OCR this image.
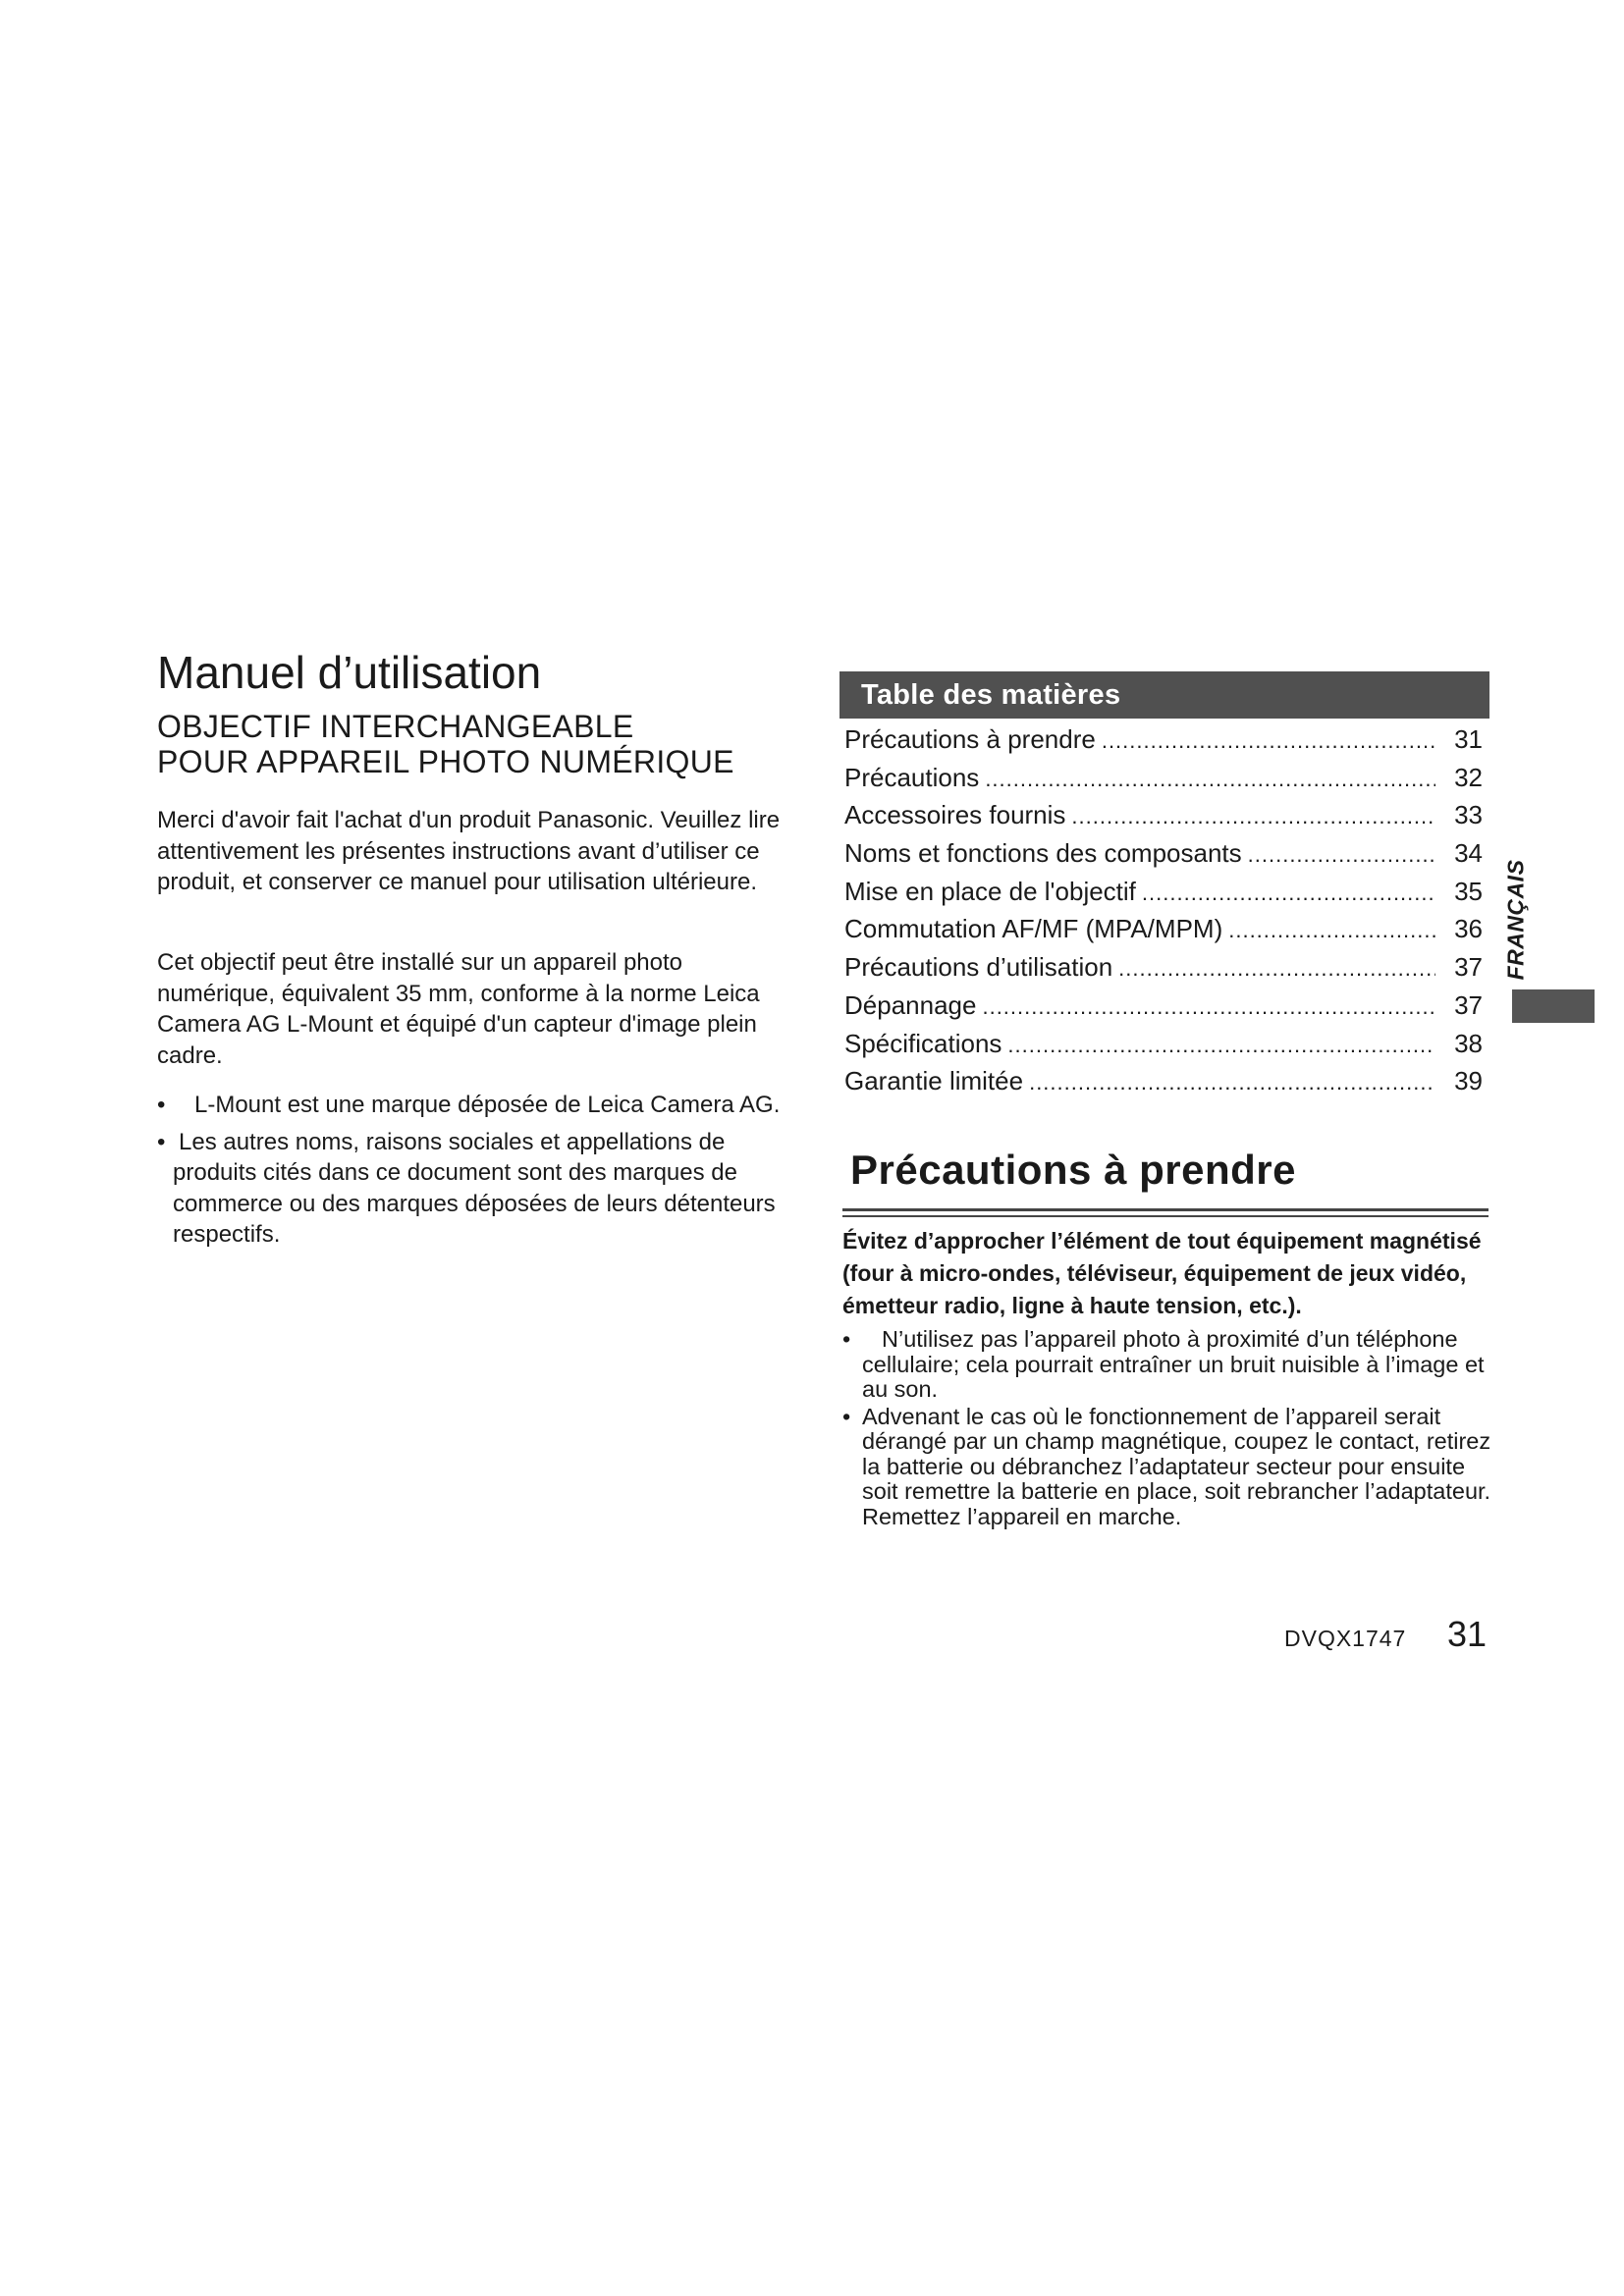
Manuel d’utilisation
OBJECTIF INTERCHANGEABLE
POUR APPAREIL PHOTO NUMÉRIQUE

Merci d'avoir fait l'achat d'un produit Panasonic. Veuillez lire attentivement les présentes instructions avant d’utiliser ce produit, et conserver ce manuel pour utilisation ultérieure.

Cet objectif peut être installé sur un appareil photo numérique, équivalent 35 mm, conforme à la norme Leica Camera AG L-Mount et équipé d'un capteur d'image plein cadre.

•	L-Mount est une marque déposée de Leica Camera AG.
• Les autres noms, raisons sociales et appellations de produits cités dans ce document sont des marques de commerce ou des marques déposées de leurs détenteurs respectifs.
Table des matières
Précautions à prendre .....	31
Précautions .....	32
Accessoires fournis .....	33
Noms et fonctions des composants .....	34
Mise en place de l'objectif .....	35
Commutation AF/MF (MPA/MPM) .....	36
Précautions d’utilisation .....	37
Dépannage .....	37
Spécifications .....	38
Garantie limitée .....	39
FRANÇAIS
Précautions à prendre
Évitez d’approcher l’élément de tout équipement magnétisé (four à micro-ondes, téléviseur, équipement de jeux vidéo, émetteur radio, ligne à haute tension, etc.).
•	N’utilisez pas l’appareil photo à proximité d’un téléphone cellulaire; cela pourrait entraîner un bruit nuisible à l’image et au son.
• Advenant le cas où le fonctionnement de l’appareil serait dérangé par un champ magnétique, coupez le contact, retirez la batterie ou débranchez l’adaptateur secteur pour ensuite soit remettre la batterie en place, soit rebrancher l’adaptateur. Remettez l’appareil en marche.
DVQX1747 31
